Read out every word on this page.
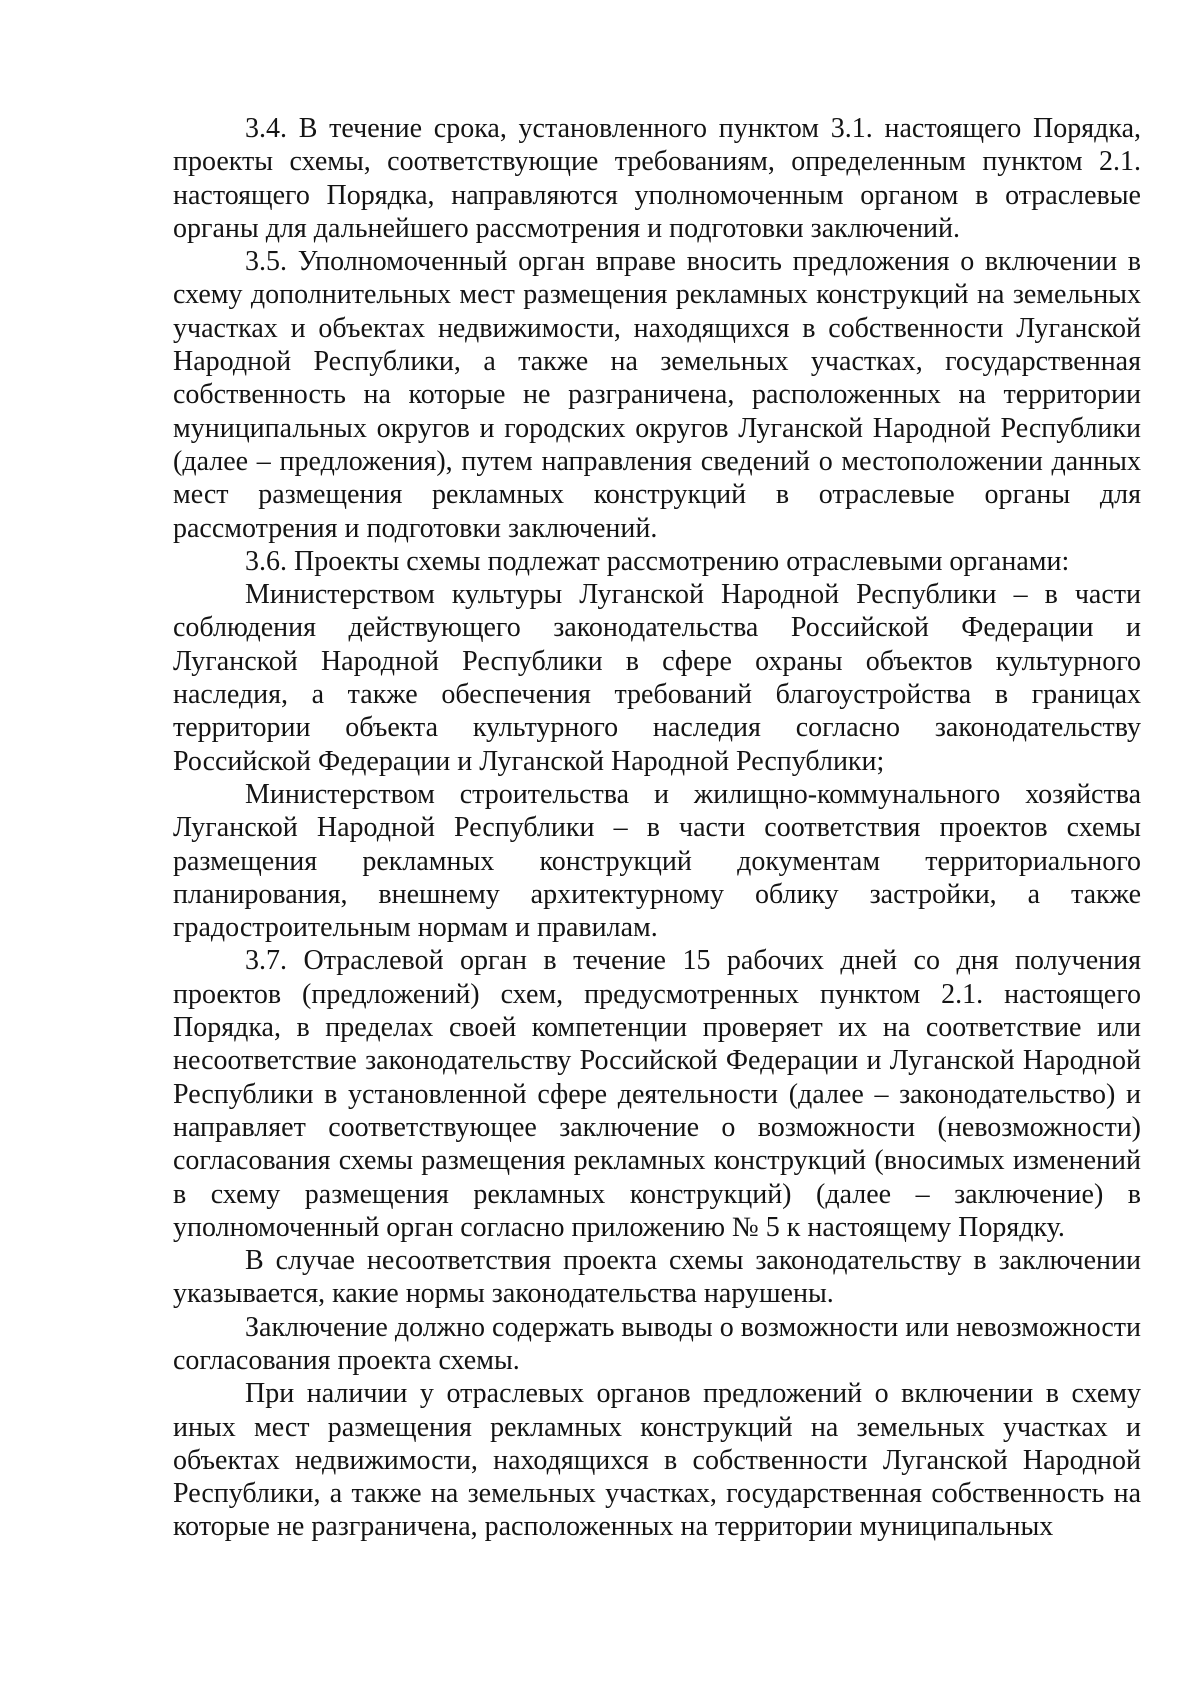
3.4. В течение срока, установленного пунктом 3.1. настоящего Порядка, проекты схемы, соответствующие требованиям, определенным пунктом 2.1. настоящего Порядка, направляются уполномоченным органом в отраслевые органы для дальнейшего рассмотрения и подготовки заключений.

3.5. Уполномоченный орган вправе вносить предложения о включении в схему дополнительных мест размещения рекламных конструкций на земельных участках и объектах недвижимости, находящихся в собственности Луганской Народной Республики, а также на земельных участках, государственная собственность на которые не разграничена, расположенных на территории муниципальных округов и городских округов Луганской Народной Республики (далее – предложения), путем направления сведений о местоположении данных мест размещения рекламных конструкций в отраслевые органы для рассмотрения и подготовки заключений.

3.6. Проекты схемы подлежат рассмотрению отраслевыми органами:

Министерством культуры Луганской Народной Республики – в части соблюдения действующего законодательства Российской Федерации и Луганской Народной Республики в сфере охраны объектов культурного наследия, а также обеспечения требований благоустройства в границах территории объекта культурного наследия согласно законодательству Российской Федерации и Луганской Народной Республики;

Министерством строительства и жилищно-коммунального хозяйства Луганской Народной Республики – в части соответствия проектов схемы размещения рекламных конструкций документам территориального планирования, внешнему архитектурному облику застройки, а также градостроительным нормам и правилам.

3.7. Отраслевой орган в течение 15 рабочих дней со дня получения проектов (предложений) схем, предусмотренных пунктом 2.1. настоящего Порядка, в пределах своей компетенции проверяет их на соответствие или несоответствие законодательству Российской Федерации и Луганской Народной Республики в установленной сфере деятельности (далее – законодательство) и направляет соответствующее заключение о возможности (невозможности) согласования схемы размещения рекламных конструкций (вносимых изменений в схему размещения рекламных конструкций) (далее – заключение) в уполномоченный орган согласно приложению № 5 к настоящему Порядку.

В случае несоответствия проекта схемы законодательству в заключении указывается, какие нормы законодательства нарушены.

Заключение должно содержать выводы о возможности или невозможности согласования проекта схемы.

При наличии у отраслевых органов предложений о включении в схему иных мест размещения рекламных конструкций на земельных участках и объектах недвижимости, находящихся в собственности Луганской Народной Республики, а также на земельных участках, государственная собственность на которые не разграничена, расположенных на территории муниципальных
